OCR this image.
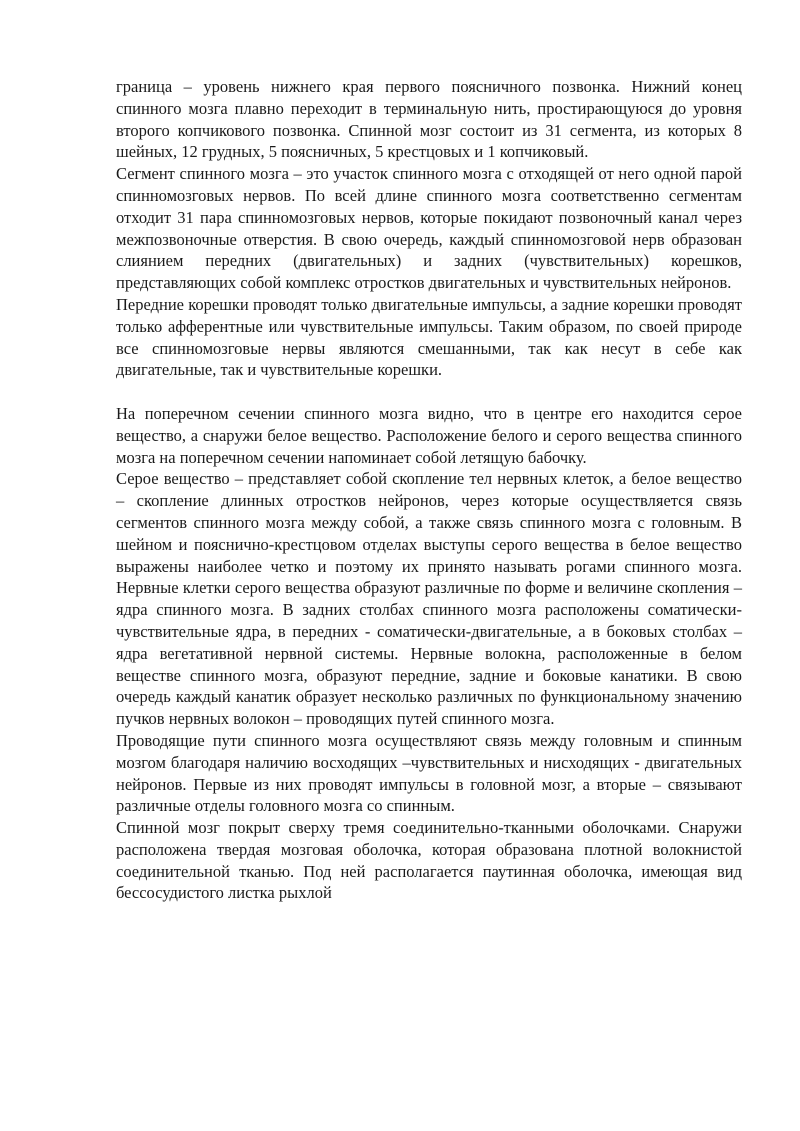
граница – уровень нижнего края первого поясничного позвонка. Нижний конец спинного мозга плавно переходит в терминальную нить, простирающуюся до уровня второго копчикового позвонка. Спинной мозг состоит из 31 сегмента, из которых 8 шейных, 12 грудных, 5 поясничных, 5 крестцовых и 1 копчиковый.

Сегмент спинного мозга – это участок спинного мозга с отходящей от него одной парой спинномозговых нервов. По всей длине спинного мозга соответственно сегментам отходит 31 пара спинномозговых нервов, которые покидают позвоночный канал через межпозвоночные отверстия. В свою очередь, каждый спинномозговой нерв образован слиянием передних (двигательных) и задних (чувствительных) корешков, представляющих собой комплекс отростков двигательных и чувствительных нейронов.

Передние корешки проводят только двигательные импульсы, а задние корешки проводят только афферентные или чувствительные импульсы. Таким образом, по своей природе все спинномозговые нервы являются смешанными, так как несут в себе как двигательные, так и чувствительные корешки.

На поперечном сечении спинного мозга видно, что в центре его находится серое вещество, а снаружи белое вещество. Расположение белого и серого вещества спинного мозга на поперечном сечении напоминает собой летящую бабочку.

Серое вещество – представляет собой скопление тел нервных клеток, а белое вещество – скопление длинных отростков нейронов, через которые осуществляется связь сегментов спинного мозга между собой, а также связь спинного мозга с головным. В шейном и пояснично-крестцовом отделах выступы серого вещества в белое вещество выражены наиболее четко и поэтому их принято называть рогами спинного мозга. Нервные клетки серого вещества образуют различные по форме и величине скопления – ядра спинного мозга. В задних столбах спинного мозга расположены соматически-чувствительные ядра, в передних - соматически-двигательные, а в боковых столбах – ядра вегетативной нервной системы. Нервные волокна, расположенные в белом веществе спинного мозга, образуют передние, задние и боковые канатики. В свою очередь каждый канатик образует несколько различных по функциональному значению пучков нервных волокон – проводящих путей спинного мозга.

Проводящие пути спинного мозга осуществляют связь между головным и спинным мозгом благодаря наличию восходящих –чувствительных и нисходящих - двигательных нейронов. Первые из них проводят импульсы в головной мозг, а вторые – связывают различные отделы головного мозга со спинным.

Спинной мозг покрыт сверху тремя соединительно-тканными оболочками. Снаружи расположена твердая мозговая оболочка, которая образована плотной волокнистой соединительной тканью. Под ней располагается паутинная оболочка, имеющая вид бессосудистого листка рыхлой
